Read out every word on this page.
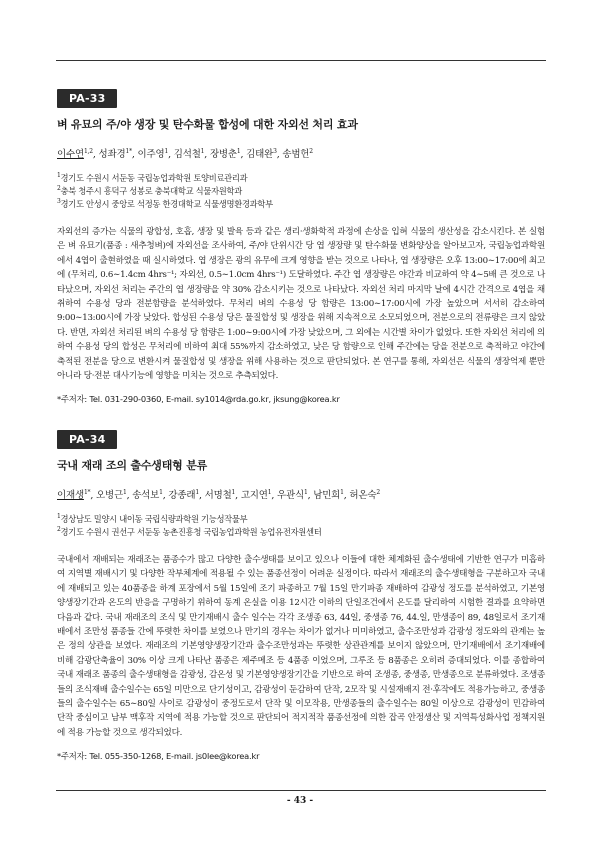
PA-33
벼 유묘의 주/야 생장 및 탄수화물 합성에 대한 자외선 처리 효과
이수연$^{1,2}$, 성좌경$^{1*}$, 이주영$^1$, 김석철$^1$, 장병춘$^1$, 김태완$^3$, 송범헌$^2$
$^1$경기도 수원시 서둔동 국립농업과학원 토양비료관리과
$^2$충북 청주시 흥덕구 성봉로 충북대학교 식물자원학과
$^3$경기도 안성시 중앙로 석정동 한경대학교 식물생명환경과학부
자외선의 증가는 식물의 광합성, 호흡, 생장 및 발육 등과 같은 생리·생화학적 과정에 손상을 입혀 식물의 생산성을 감소시킨다. 본 실험은 벼 유묘기(품종 : 새추청벼)에 자외선을 조사하여, 주/야 단위시간 당 엽 생장량 및 탄수화물 변화양상을 알아보고자, 국립농업과학원에서 4엽이 출현하였을 때 실시하였다. 엽 생장은 광의 유무에 크게 영향을 받는 것으로 나타나, 엽 생장량은 오후 13:00∼17:00에 최고에 (무처리, 0.6∼1.4cm 4hrs⁻¹; 자외선, 0.5∼1.0cm 4hrs⁻¹) 도달하였다. 주간 엽 생장량은 야간과 비교하여 약 4∼5배 큰 것으로 나타났으며, 자외선 처리는 주간의 엽 생장량을 약 30% 감소시키는 것으로 나타났다. 자외선 처리 마지막 날에 4시간 간격으로 4엽을 채취하여 수용성 당과 전분함량을 분석하였다. 무처리 벼의 수용성 당 함량은 13:00∼17:00시에 가장 높았으며 서서히 감소하여 9:00∼13:00시에 가장 낮았다. 합성된 수용성 당은 물질합성 및 생장을 위해 지속적으로 소모되었으며, 전분으로의 전류량은 크지 않았다. 반면, 자외선 처리된 벼의 수용성 당 함량은 1:00∼9:00시에 가장 낮았으며, 그 외에는 시간별 차이가 없었다. 또한 자외선 처리에 의하여 수용성 당의 합성은 무처리에 비하여 최대 55%까지 감소하였고, 낮은 당 함량으로 인해 주간에는 당을 전분으로 축적하고 야간에 축적된 전분을 당으로 변환시켜 물질합성 및 생장을 위해 사용하는 것으로 판단되었다. 본 연구를 통해, 자외선은 식물의 생장억제 뿐만 아니라 당·전분 대사기능에 영향을 미치는 것으로 추측되었다.
*주저자: Tel. 031-290-0360, E-mail. sy1014@rda.go.kr, jksung@korea.kr
PA-34
국내 재래 조의 출수생태형 분류
이재생$^{1*}$, 오병근$^1$, 송석보$^1$, 강종래$^1$, 서명철$^1$, 고지연$^1$, 우관식$^1$, 남민희$^1$, 허온숙$^2$
$^1$경상남도 밀양시 내이동 국립식량과학원 기능성작물부
$^2$경기도 수원시 권선구 서둔동 농촌진흥청 국립농업과학원 농업유전자원센터
국내에서 재배되는 재래조는 품종수가 많고 다양한 출수생태를 보이고 있으나 이들에 대한 체계화된 출수생태에 기반한 연구가 미흡하여 지역별 재배시기 및 다양한 작부체계에 적용될 수 있는 품종선정이 어려운 실정이다. 따라서 재래조의 출수생태형을 구분하고자 국내에 재배되고 있는 40품종을 하계 포장에서 5월 15일에 조기 파종하고 7월 15일 만기파종 재배하여 감광성 정도를 분석하였고, 기본영양생장기간과 온도의 반응을 구명하기 위하여 동계 온실을 이용 12시간 이하의 단일조건에서 온도를 달리하여 시험한 결과를 요약하면 다음과 같다. 국내 재래조의 조식 및 만기재배시 출수 일수는 각각 조생종 63, 44일, 중생종 76, 44.일, 만생종이 89, 48일로서 조기재배에서 조만성 품종들 간에 뚜렷한 차이를 보였으나 만기의 경우는 차이가 없거나 미미하였고, 출수조만성과 감광성 정도와의 관계는 높은 정의 상관을 보였다. 재래조의 기본영양생장기간과 출수조만성과는 뚜렷한 상관관계를 보이지 않았으며, 만기재배에서 조기재배에 비해 감광단축율이 30% 이상 크게 나타난 품종은 제주메조 등 4품종 이었으며, 그루조 등 8품종은 오히려 증대되었다. 이를 종합하여 국내 재래조 품종의 출수생태형을 감광성, 감온성 및 기본영양생장기간을 기반으로 하여 조생종, 중생종, 만생종으로 분류하였다. 조생종들의 조식재배 출수일수는 65일 미만으로 단기성이고, 감광성이 둔감하여 단작, 2모작 및 시설재배지 전·후작에도 적용가능하고, 중생종들의 출수일수는 65∼80일 사이로 감광성이 중정도로서 단작 및 이모작용, 만생종들의 출수일수는 80일 이상으로 감광성이 민감하여 단작 중심이고 남부 맥후작 지역에 적용 가능할 것으로 판단되어 적지적작 품종선정에 의한 잡곡 안정생산 및 지역특성화사업 정책지원에 적용 가능할 것으로 생각되었다.
*주저자: Tel. 055-350-1268, E-mail. js0lee@korea.kr
- 43 -
